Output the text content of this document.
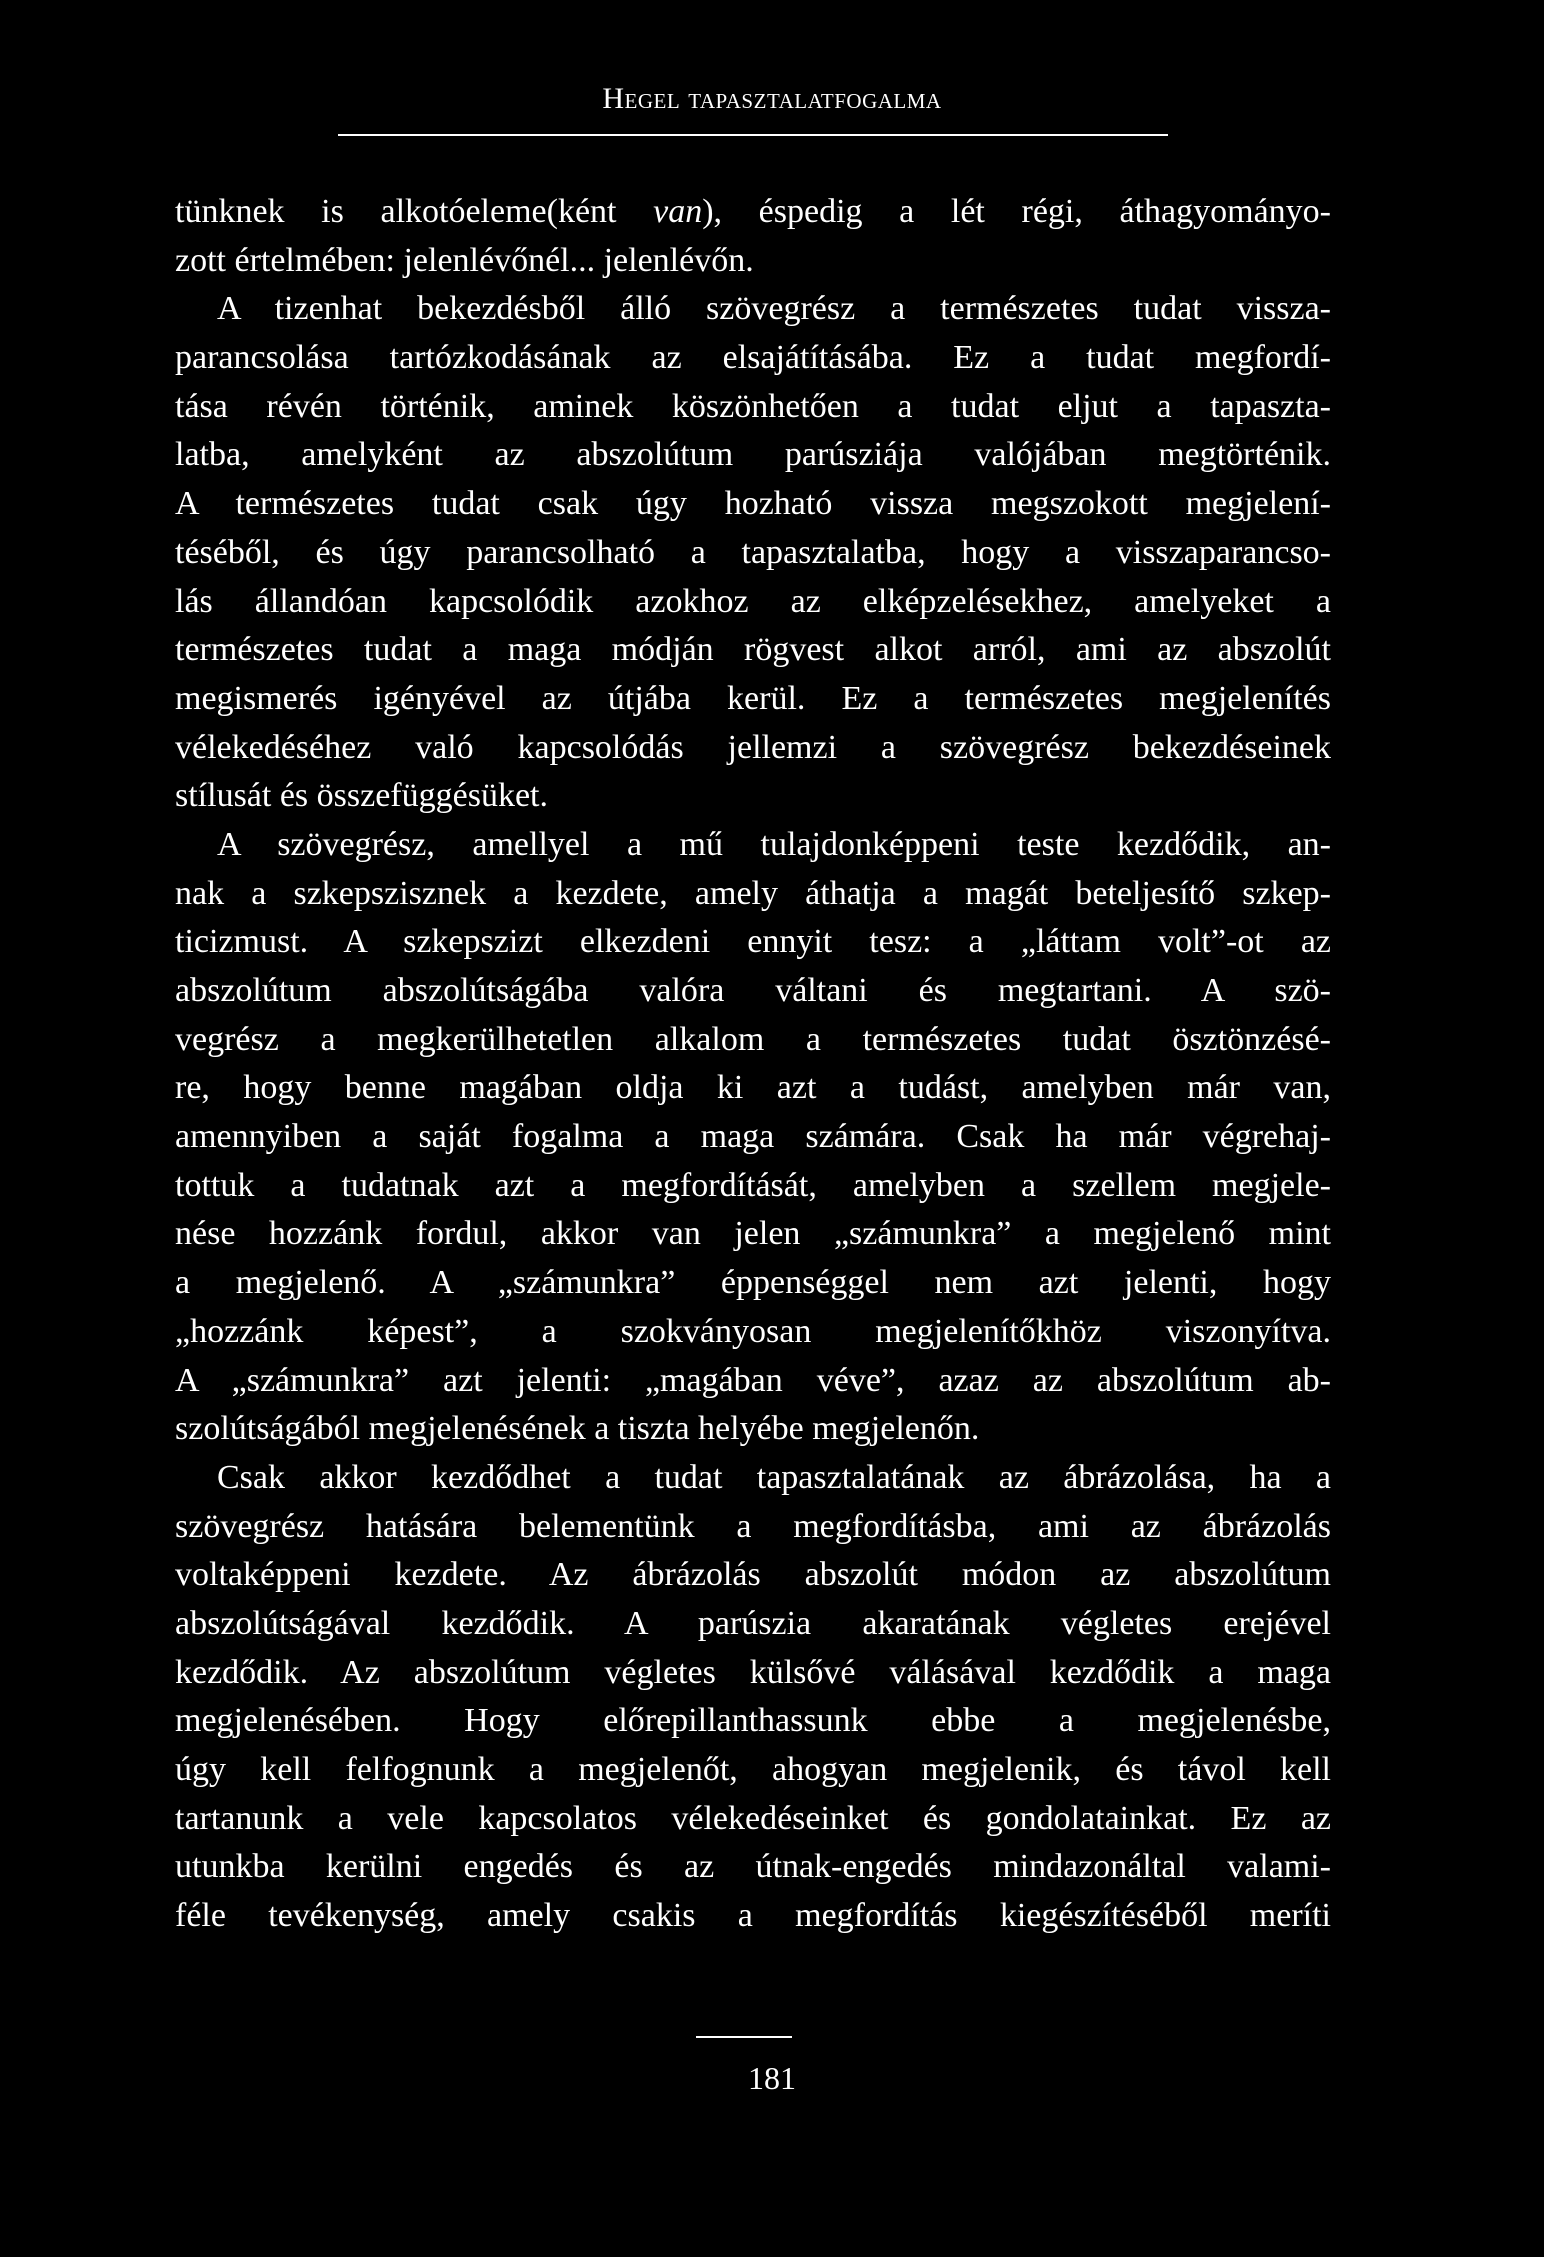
Hegel tapasztalatfogalma
tünknek is alkotóeleme(ként van), éspedig a lét régi, áthagyományo-
zott értelmében: jelenlévőnél... jelenlévőn.
A tizenhat bekezdésből álló szövegrész a természetes tudat vissza-
parancsolása tartózkodásának az elsajátításába. Ez a tudat megfordí-
tása révén történik, aminek köszönhetően a tudat eljut a tapaszta-
latba, amelyként az abszolútum parúsziája valójában megtörténik.
A természetes tudat csak úgy hozható vissza megszokott megjelení-
téséből, és úgy parancsolható a tapasztalatba, hogy a visszaparancso-
lás állandóan kapcsolódik azokhoz az elképzelésekhez, amelyeket a
természetes tudat a maga módján rögvest alkot arról, ami az abszolút
megismerés igényével az útjába kerül. Ez a természetes megjelenítés
vélekedéséhez való kapcsolódás jellemzi a szövegrész bekezdéseinek
stílusát és összefüggésüket.
A szövegrész, amellyel a mű tulajdonképpeni teste kezdődik, an-
nak a szkepszisznek a kezdete, amely áthatja a magát beteljesítő szkep-
ticizmust. A szkepszizt elkezdeni ennyit tesz: a „láttam volt”-ot az
abszolútum abszolútságába valóra váltani és megtartani. A szö-
vegrész a megkerülhetetlen alkalom a természetes tudat ösztönzésé-
re, hogy benne magában oldja ki azt a tudást, amelyben már van,
amennyiben a saját fogalma a maga számára. Csak ha már végrehaj-
tottuk a tudatnak azt a megfordítását, amelyben a szellem megjele-
nése hozzánk fordul, akkor van jelen „számunkra” a megjelenő mint
a megjelenő. A „számunkra” éppenséggel nem azt jelenti, hogy
„hozzánk képest”, a szokványosan megjelenítőkhöz viszonyítva.
A „számunkra” azt jelenti: „magában véve”, azaz az abszolútum ab-
szolútságából megjelenésének a tiszta helyébe megjelenőn.
Csak akkor kezdődhet a tudat tapasztalatának az ábrázolása, ha a
szövegrész hatására belementünk a megfordításba, ami az ábrázolás
voltaképpeni kezdete. Az ábrázolás abszolút módon az abszolútum
abszolútságával kezdődik. A parúszia akaratának végletes erejével
kezdődik. Az abszolútum végletes külsővé válásával kezdődik a maga
megjelenésében. Hogy előrepillanthassunk ebbe a megjelenésbe,
úgy kell felfognunk a megjelenőt, ahogyan megjelenik, és távol kell
tartanunk a vele kapcsolatos vélekedéseinket és gondolatainkat. Ez az
utunkba kerülni engedés és az útnak-engedés mindazonáltal valami-
féle tevékenység, amely csakis a megfordítás kiegészítéséből meríti
181
